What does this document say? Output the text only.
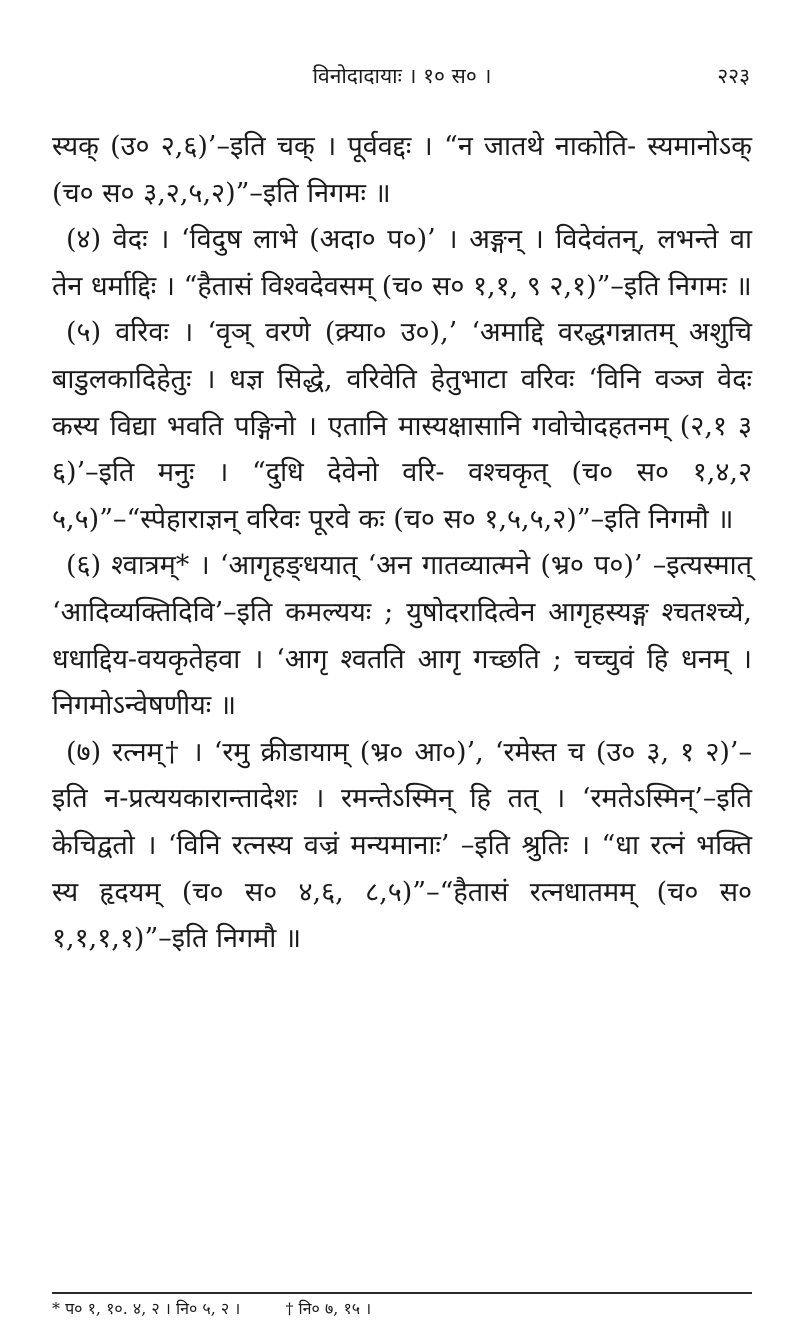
विनोदादायाः । १० स० ।	२२३

स्यक् (उ० २,६)’–इति चक् । पूर्ववद्दः । “न जातथे नाकोति- स्यमानोऽक् (च० स० ३,२,५,२)”–इति निगमः ॥

(४) वेदः । ‘विदुष लाभे (अदा० प०)’ । अङ्गन् । विदेवंतन्, लभन्ते वा तेन धर्माद्दिः । “हैतासं विश्वदेवसम् (च० स० १,१, ९ २,१)”–इति निगमः ॥

(५) वरिवः । ‘वृञ् वरणे (क्र्या० उ०),’ ‘अमाद्दि वरद्धगन्नातम् अशुचि बाडुलकादिहेतुः । धज्ञ सिद्धे, वरिवेति हेतुभाटा वरिवः ‘विनि वञ्ज वेदः कस्य विद्या भवति पङ्गिनो । एतानि मास्यक्षासानि गवोचेादहतनम् (२,१ ३ ६)’–इति मनुः । “दुधि देवेनो वरि- वश्चकृत् (च० स० १,४,२ ५,५)”–“स्पेहाराज्ञन् वरिवः पूरवे कः (च० स० १,५,५,२)”–इति निगमौ ॥

(६) श्वात्रम्* । ‘आगृहङ्धयात् ‘अन गातव्यात्मने (भ्र० प०)’ –इत्यस्मात् ‘आदिव्यक्तिदिवि’–इति कमल्ययः ; युषोदरादित्वेन आगृहस्यङ्ग श्चतश्च्ये, धधाद्दिय-वयकृतेहवा । ‘आगृ श्वतति आगृ गच्छति ; चच्चुवं हि धनम् । निगमोऽन्वेषणीयः ॥

(७) रत्नम्† । ‘रमु क्रीडायाम् (भ्र० आ०)’, ‘रमेस्त च (उ० ३, १ २)’–इति न-प्रत्ययकारान्तादेशः । रमन्तेऽस्मिन् हि तत् । ‘रमतेऽस्मिन्’–इति केचिद्वतो । ‘विनि रत्नस्य वज्रं मन्यमानाः’ –इति श्रुतिः । “धा रत्नं भक्ति स्य हृदयम् (च० स० ४,६, ८,५)”–“हैतासं रत्नधातमम् (च० स० १,१,१,१)”–इति निगमौ ॥

* प० १, १०. ४, २ । नि० ५, २ ।	† नि० ७, १५ ।
